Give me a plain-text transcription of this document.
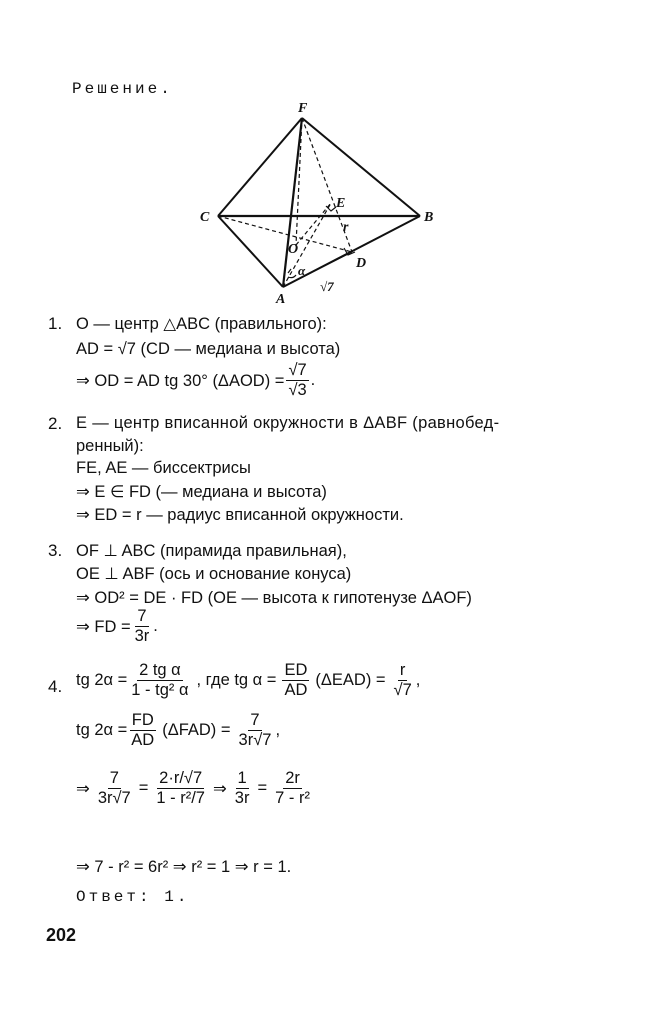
Решение.
F
C	B
E
O
r
D
A
α
√7
1. O — центр △ABC (правильного):
AD = √7 (CD — медиана и высота)
⇒ OD = AD tg 30° $(\Delta AOD) = \frac{√7}{√3}$ .
2. E — центр вписанной окружности в ΔABF (равнобед-
ренный):
FE, AE — биссектрисы
⇒ E ∈ FD (— медиана и высота)
⇒ ED = r — радиус вписанной окружности.
3. OF ⊥ ABC (пирамида правильная),
OE ⊥ ABF (ось и основание конуса)
⇒ OD² = DE · FD (OE — высота к гипотенузе ΔAOF)
⇒ FD = $\frac{7}{3r}$ .
4. tg $2\alpha = \frac{\text{2 tg α}}{\text{1 - tg² α}}$ , где tg $\alpha = \frac{ED}{AD} (\Delta EAD) = \frac{r}{√7}$ ,
tg $2\alpha = \frac{FD}{AD} (\Delta FAD) = \frac{7}{3r√7}$ ,
⇒ $\frac{7}{3r√7} = \frac{2\cdot r/√7}{\text{1 - r²/7}}$ ⇒ $\frac{1}{3r} = \frac{2r}{\text{7 - r²}}$
⇒ 7 - r² = 6r² ⇒ r² = 1 ⇒ r = 1.
Ответ: 1.
202
